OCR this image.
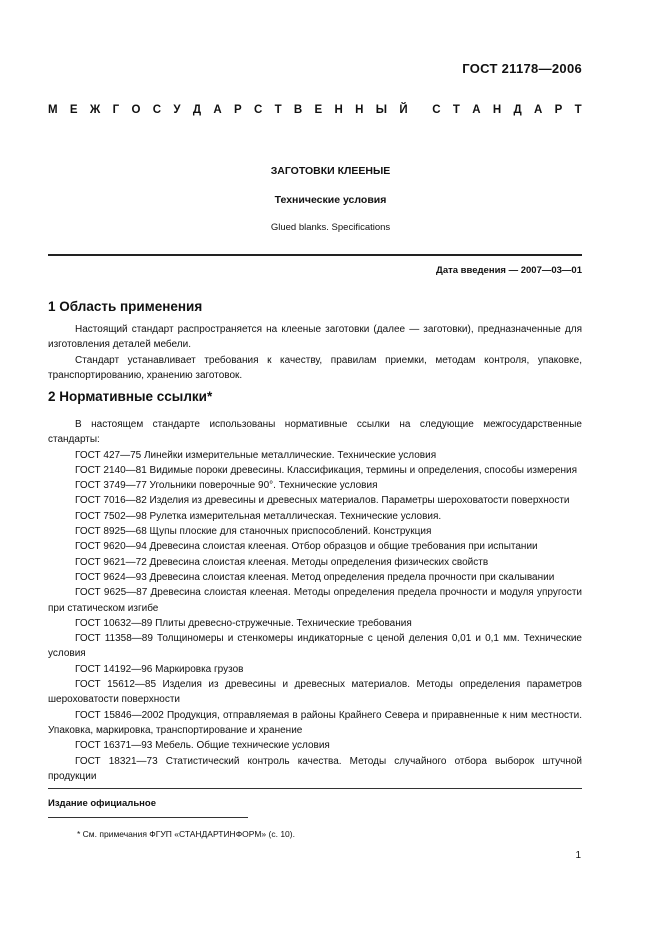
ГОСТ 21178—2006
М Е Ж Г О С У Д А Р С Т В Е Н Н Ы Й С Т А Н Д А Р Т
ЗАГОТОВКИ КЛЕЕНЫЕ
Технические условия
Glued blanks. Specifications
Дата введения — 2007—03—01
1 Область применения

Настоящий стандарт распространяется на клееные заготовки (далее — заготовки), предназначенные для изготовления деталей мебели.

Стандарт устанавливает требования к качеству, правилам приемки, методам контроля, упаковке, транспортированию, хранению заготовок.

2 Нормативные ссылки*

В настоящем стандарте использованы нормативные ссылки на следующие межгосударственные стандарты:

ГОСТ 427—75 Линейки измерительные металлические. Технические условия

ГОСТ 2140—81 Видимые пороки древесины. Классификация, термины и определения, способы измерения

ГОСТ 3749—77 Угольники поверочные 90°. Технические условия

ГОСТ 7016—82 Изделия из древесины и древесных материалов. Параметры шероховатости поверхности

ГОСТ 7502—98 Рулетка измерительная металлическая. Технические условия.

ГОСТ 8925—68 Щупы плоские для станочных приспособлений. Конструкция

ГОСТ 9620—94 Древесина слоистая клееная. Отбор образцов и общие требования при испытании

ГОСТ 9621—72 Древесина слоистая клееная. Методы определения физических свойств

ГОСТ 9624—93 Древесина слоистая клееная. Метод определения предела прочности при скалывании

ГОСТ 9625—87 Древесина слоистая клееная. Методы определения предела прочности и модуля упругости при статическом изгибе

ГОСТ 10632—89 Плиты древесно-стружечные. Технические требования

ГОСТ 11358—89 Толщиномеры и стенкомеры индикаторные с ценой деления 0,01 и 0,1 мм. Технические условия

ГОСТ 14192—96 Маркировка грузов

ГОСТ 15612—85 Изделия из древесины и древесных материалов. Методы определения параметров шероховатости поверхности

ГОСТ 15846—2002 Продукция, отправляемая в районы Крайнего Севера и приравненные к ним местности. Упаковка, маркировка, транспортирование и хранение

ГОСТ 16371—93 Мебель. Общие технические условия

ГОСТ 18321—73 Статистический контроль качества. Методы случайного отбора выборок штучной продукции

Издание официальное
* См. примечания ФГУП «СТАНДАРТИНФОРМ» (с. 10).
1
